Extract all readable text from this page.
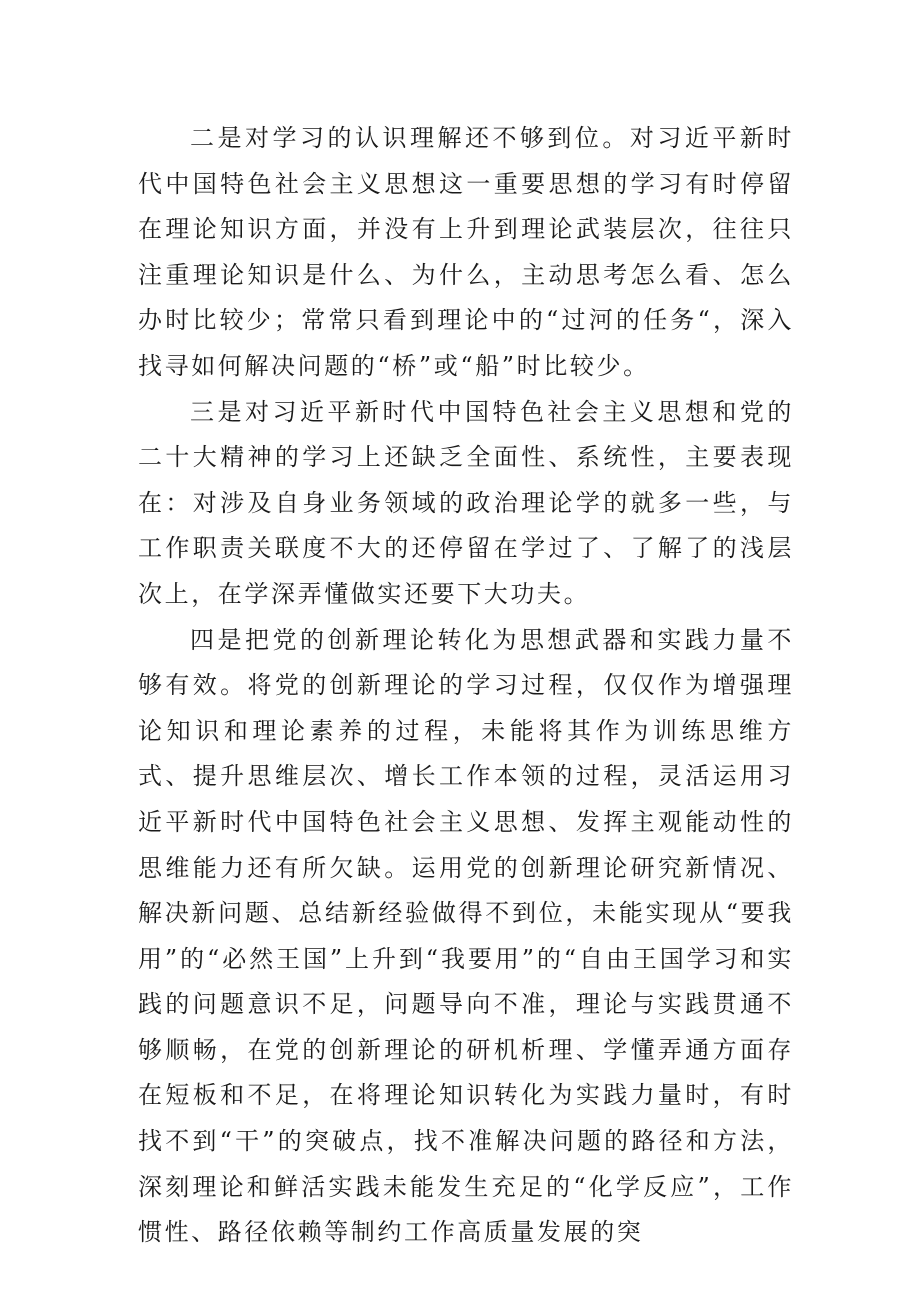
二是对学习的认识理解还不够到位。对习近平新时代中国特色社会主义思想这一重要思想的学习有时停留在理论知识方面，并没有上升到理论武装层次，往往只注重理论知识是什么、为什么，主动思考怎么看、怎么办时比较少；常常只看到理论中的“过河的任务“，深入找寻如何解决问题的“桥”或“船”时比较少。

三是对习近平新时代中国特色社会主义思想和党的二十大精神的学习上还缺乏全面性、系统性，主要表现在：对涉及自身业务领域的政治理论学的就多一些，与工作职责关联度不大的还停留在学过了、了解了的浅层次上，在学深弄懂做实还要下大功夫。

四是把党的创新理论转化为思想武器和实践力量不够有效。将党的创新理论的学习过程，仅仅作为增强理论知识和理论素养的过程，未能将其作为训练思维方式、提升思维层次、增长工作本领的过程，灵活运用习近平新时代中国特色社会主义思想、发挥主观能动性的思维能力还有所欠缺。运用党的创新理论研究新情况、解决新问题、总结新经验做得不到位，未能实现从“要我用”的“必然王国”上升到“我要用”的“自由王国学习和实践的问题意识不足，问题导向不准，理论与实践贯通不够顺畅，在党的创新理论的研机析理、学懂弄通方面存在短板和不足，在将理论知识转化为实践力量时，有时找不到“干”的突破点，找不准解决问题的路径和方法，深刻理论和鲜活实践未能发生充足的“化学反应”，工作惯性、路径依赖等制约工作高质量发展的突
